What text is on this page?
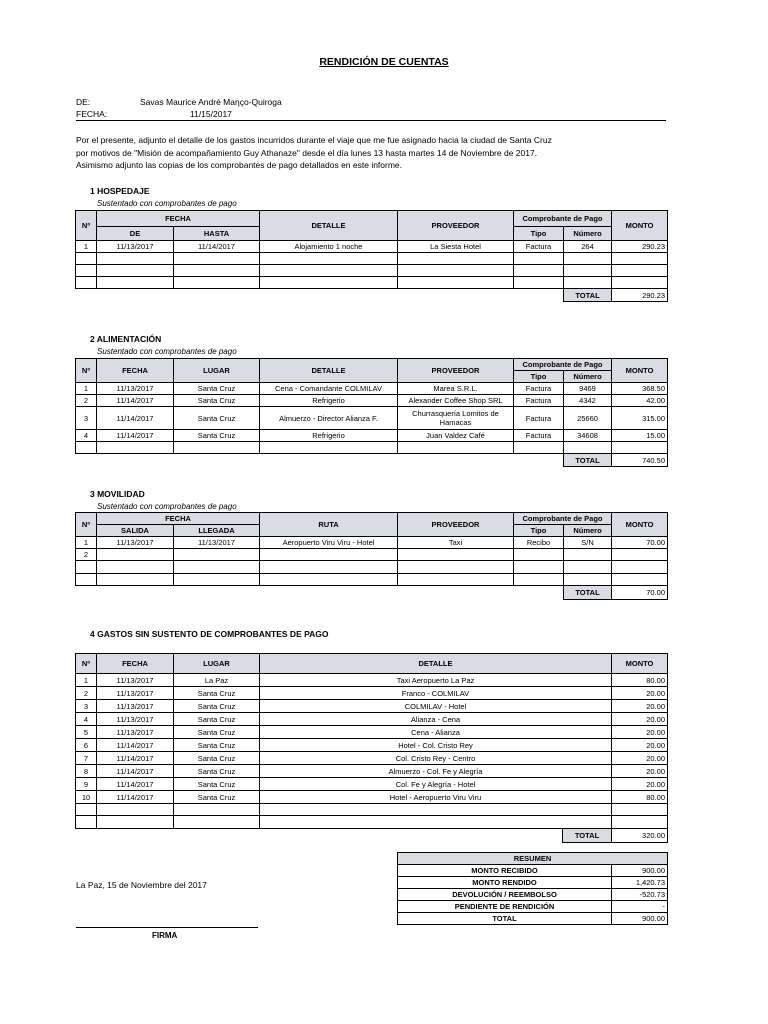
RENDICIÓN DE CUENTAS
DE:	Savas Maurice André Maηço-Quiroga
FECHA:	11/15/2017
Por el presente, adjunto el detalle de los gastos incurridos durante el viaje que me fue asignado hacia la ciudad de Santa Cruz
por motivos de "Misión de acompañamiento Guy Athanaze" desde el día lunes 13 hasta martes 14 de Noviembre de 2017.
Asimismo adjunto las copias de los comprobantes de pago detallados en este informe.
1 HOSPEDAJE
Sustentado con comprobantes de pago
Nº	FECHA		DETALLE	PROVEEDOR	Comprobante de Pago		MONTO
	DE	HASTA			Tipo	Número	
1	11/13/2017	11/14/2017	Alojamiento 1 noche	La Siesta Hotel	Factura	264	290.23

						TOTAL	290.23
2 ALIMENTACIÓN
Sustentado con comprobantes de pago
Nº	FECHA	LUGAR	DETALLE	PROVEEDOR	Comprobante de Pago		MONTO
					Tipo	Número	
1	11/13/2017	Santa Cruz	Cena - Comandante COLMILAV	Marea S.R.L.	Factura	9469	368.50
2	11/14/2017	Santa Cruz	Refrigerio	Alexander Coffee Shop SRL	Factura	4342	42.00
3	11/14/2017	Santa Cruz	Almuerzo - Director Alianza F.	Churrasquería Lomitos de Hamacas	Factura	25660	315.00
4	11/14/2017	Santa Cruz	Refrigerio	Juan Valdez Café	Factura	34608	15.00

						TOTAL	740.50
3 MOVILIDAD
Sustentado con comprobantes de pago
Nº	FECHA		RUTA	PROVEEDOR	Comprobante de Pago		MONTO
	SALIDA	LLEGADA			Tipo	Número	
1	11/13/2017	11/13/2017	Aeropuerto Viru Viru - Hotel	Taxi	Recibo	S/N	70.00
2							

						TOTAL	70.00
4 GASTOS SIN SUSTENTO DE COMPROBANTES DE PAGO
Nº	FECHA	LUGAR	DETALLE	MONTO
1	11/13/2017	La Paz	Taxi Aeropuerto La Paz	80.00
2	11/13/2017	Santa Cruz	Franco - COLMILAV	20.00
3	11/13/2017	Santa Cruz	COLMILAV - Hotel	20.00
4	11/13/2017	Santa Cruz	Alianza - Cena	20.00
5	11/13/2017	Santa Cruz	Cena - Alianza	20.00
6	11/14/2017	Santa Cruz	Hotel - Col. Cristo Rey	20.00
7	11/14/2017	Santa Cruz	Col. Cristo Rey - Centro	20.00
8	11/14/2017	Santa Cruz	Almuerzo - Col. Fe y Alegría	20.00
9	11/14/2017	Santa Cruz	Col. Fe y Alegría - Hotel	20.00
10	11/14/2017	Santa Cruz	Hotel - Aeropuerto Viru Viru	80.00

			TOTAL	320.00
RESUMEN	
MONTO RECIBIDO	900.00
MONTO RENDIDO	1,420.73
DEVOLUCIÓN / REEMBOLSO	-520.73
PENDIENTE DE RENDICIÓN	-
TOTAL	900.00
La Paz, 15 de Noviembre del 2017
FIRMA
